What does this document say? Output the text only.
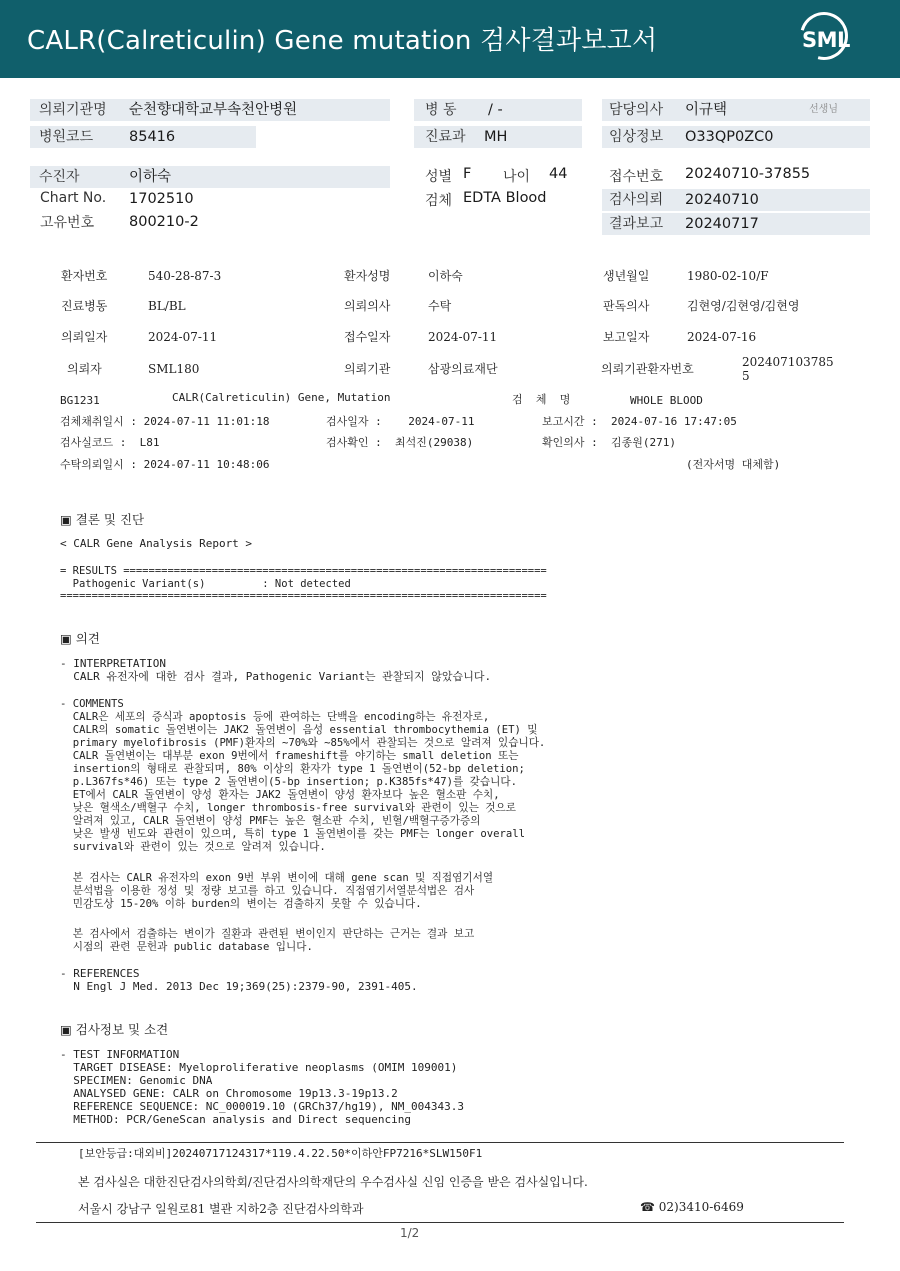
CALR(Calreticulin) Gene mutation 검사결과보고서	SML
의뢰기관명 순천향대학교부속천안병원	병 동 / -	담당의사 이규택	선생님
병원코드 85416	진료과 MH	임상정보 O33QP0ZC0
수진자	이하숙	성별 F 나이 44	접수번호 20240710-37855
Chart No. 1702510	검체 EDTA Blood	검사의뢰 20240710
고유번호 800210-2	결과보고 20240717
환자번호	540-28-87-3	환자성명	이하숙	생년월일	1980-02-10/F
진료병동	BL/BL	의뢰의사	수탁	판독의사	김현영/김현영/김현영
의뢰일자	2024-07-11	접수일자	2024-07-11	보고일자	2024-07-16
의뢰자	SML180	의뢰기관	삼광의료재단	의뢰기관환자번호	202407103785
5
BG1231	CALR(Calreticulin) Gene, Mutation	검  체  명	WHOLE BLOOD
검체채취일시 : 2024-07-11 11:01:18	검사일자 :    2024-07-11	보고시간 :  2024-07-16 17:47:05
검사실코드 :  L81	검사확인 :  최석진(29038)	확인의사 :  김종원(271)
수탁의뢰일시 : 2024-07-11 10:48:06	(전자서명 대체함)
▣ 결론 및 진단
< CALR Gene Analysis Report >
= RESULTS ===================================================================
Pathogenic Variant(s)         : Not detected
=============================================================================
▣ 의견
- INTERPRETATION
CALR 유전자에 대한 검사 결과, Pathogenic Variant는 관찰되지 않았습니다.
- COMMENTS
CALR은 세포의 증식과 apoptosis 등에 관여하는 단백을 encoding하는 유전자로,
CALR의 somatic 돌연변이는 JAK2 돌연변이 음성 essential thrombocythemia (ET) 및
primary myelofibrosis (PMF)환자의 ~70%와 ~85%에서 관찰되는 것으로 알려져 있습니다.
CALR 돌연변이는 대부분 exon 9번에서 frameshift를 야기하는 small deletion 또는
insertion의 형태로 관찰되며, 80% 이상의 환자가 type 1 돌연변이(52-bp deletion;
p.L367fs*46) 또는 type 2 돌연변이(5-bp insertion; p.K385fs*47)를 갖습니다.
ET에서 CALR 돌연변이 양성 환자는 JAK2 돌연변이 양성 환자보다 높은 혈소판 수치,
낮은 혈색소/백혈구 수치, longer thrombosis-free survival와 관련이 있는 것으로
알려져 있고, CALR 돌연변이 양성 PMF는 높은 혈소판 수치, 빈혈/백혈구증가증의
낮은 발생 빈도와 관련이 있으며, 특히 type 1 돌연변이를 갖는 PMF는 longer overall
survival와 관련이 있는 것으로 알려져 있습니다.
본 검사는 CALR 유전자의 exon 9번 부위 변이에 대해 gene scan 및 직접염기서열
분석법을 이용한 정성 및 정량 보고를 하고 있습니다. 직접염기서열분석법은 검사
민감도상 15-20% 이하 burden의 변이는 검출하지 못할 수 있습니다.
본 검사에서 검출하는 변이가 질환과 관련된 변이인지 판단하는 근거는 결과 보고
시점의 관련 문헌과 public database 입니다.
- REFERENCES
N Engl J Med. 2013 Dec 19;369(25):2379-90, 2391-405.
▣ 검사정보 및 소견
- TEST INFORMATION
TARGET DISEASE: Myeloproliferative neoplasms (OMIM 109001)
SPECIMEN: Genomic DNA
ANALYSED GENE: CALR on Chromosome 19p13.3-19p13.2
REFERENCE SEQUENCE: NC_000019.10 (GRCh37/hg19), NM_004343.3
METHOD: PCR/GeneScan analysis and Direct sequencing
[보안등급:대외비]20240717124317*119.4.22.50*이하안FP7216*SLW150F1
본 검사실은 대한진단검사의학회/진단검사의학재단의 우수검사실 신임 인증을 받은 검사실입니다.
서울시 강남구 일원로81 별관 지하2층 진단검사의학과	☎ 02)3410-6469
1/2
